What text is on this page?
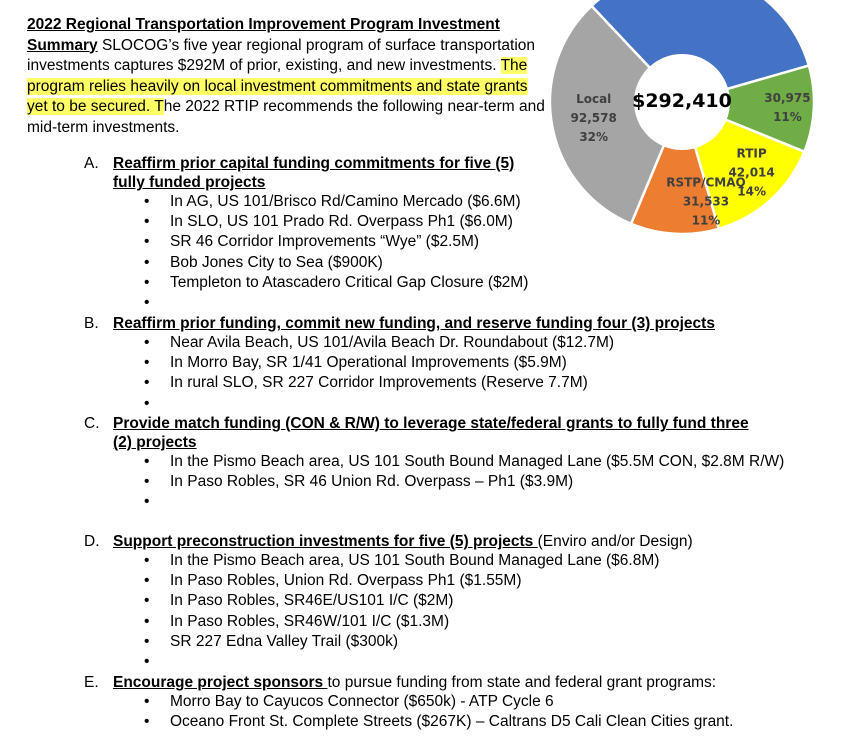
2022 Regional Transportation Improvement Program Investment Summary SLOCOG’s five year regional program of surface transportation investments captures $292M of prior, existing, and new investments. The program relies heavily on local investment commitments and state grants yet to be secured. The 2022 RTIP recommends the following near-term and mid-term investments.

$292,410	30,975 11%
RTIP 42,014 14%
RSTP/CMAQ 31,533 11%
Local 92,578 32%
A. Reaffirm prior capital funding commitments for five (5) fully funded projects
• In AG, US 101/Brisco Rd/Camino Mercado ($6.6M)
• In SLO, US 101 Prado Rd. Overpass Ph1 ($6.0M)
• SR 46 Corridor Improvements “Wye” ($2.5M)
• Bob Jones City to Sea ($900K)
• Templeton to Atascadero Critical Gap Closure ($2M)
B. Reaffirm prior funding, commit new funding, and reserve funding four (3) projects
• Near Avila Beach, US 101/Avila Beach Dr. Roundabout ($12.7M)
• In Morro Bay, SR 1/41 Operational Improvements ($5.9M)
• In rural SLO, SR 227 Corridor Improvements (Reserve 7.7M)
C. Provide match funding (CON & R/W) to leverage state/federal grants to fully fund three (2) projects
• In the Pismo Beach area, US 101 South Bound Managed Lane ($5.5M CON, $2.8M R/W)
• In Paso Robles, SR 46 Union Rd. Overpass – Ph1 ($3.9M)
D. Support preconstruction investments for five (5) projects (Enviro and/or Design)
• In the Pismo Beach area, US 101 South Bound Managed Lane ($6.8M)
• In Paso Robles, Union Rd. Overpass Ph1 ($1.55M)
• In Paso Robles, SR46E/US101 I/C ($2M)
• In Paso Robles, SR46W/101 I/C ($1.3M)
• SR 227 Edna Valley Trail ($300k)
E. Encourage project sponsors to pursue funding from state and federal grant programs:
• Morro Bay to Cayucos Connector ($650k) - ATP Cycle 6
• Oceano Front St. Complete Streets ($267K) – Caltrans D5 Cali Clean Cities grant.
